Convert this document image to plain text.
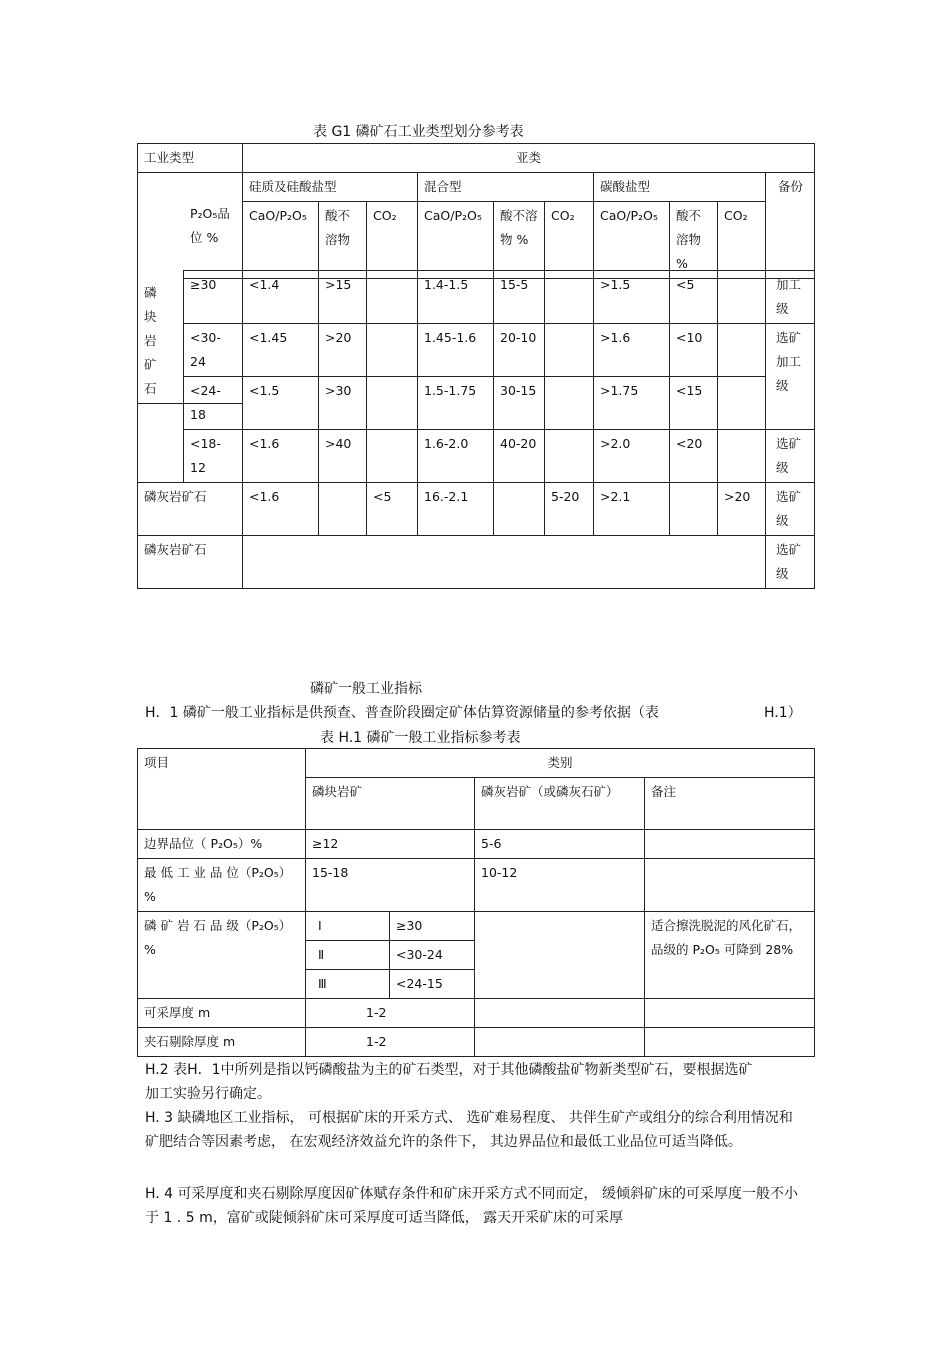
表 G1 磷矿石工业类型划分参考表
工业类型		亚类									
		硅质及硅酸盐型			混合型			碳酸盐型			备份
		CaO/P₂O₅	酸不溶物	CO₂	CaO/P₂O₅	酸不溶物 %	CO₂	CaO/P₂O₅	酸不溶物 %	CO₂	
磷块岩矿石	P₂O₅品位 %										
	≥30	<1.4	>15		1.4-1.5	15-5		>1.5	<5		加工级
	<30-24	<1.45	>20		1.45-1.6	20-10		>1.6	<10		选矿加工级
	<24-18	<1.5	>30		1.5-1.75	30-15		>1.75	<15		
	<18-12	<1.6	>40		1.6-2.0	40-20		>2.0	<20		选矿级
磷灰岩矿石		<1.6		<5	16.-2.1		5-20	>2.1		>20	选矿级
磷灰岩矿石											选矿级
磷矿一般工业指标
H．1 磷矿一般工业指标是供预查、普查阶段圈定矿体估算资源储量的参考依据（表	H.1）
表 H.1 磷矿一般工业指标参考表
项目	类别			
	磷块岩矿		磷灰岩矿（或磷灰石矿）	备注
边界品位（ P₂O₅）%	≥12		5-6	
最 低 工 业 品 位（P₂O₅）%	15-18		10-12	
磷 矿 岩 石 品 级（P₂O₅）%	Ⅰ	≥30		适合擦洗脱泥的风化矿石，品级的 P₂O₅ 可降到 28%
	Ⅱ	<30-24		
	Ⅲ	<24-15		
可采厚度 m	1-2			
夹石剔除厚度 m	1-2			
H.2 表H．1中所列是指以钙磷酸盐为主的矿石类型，对于其他磷酸盐矿物新类型矿石，要根据选矿加工实验另行确定。
H. 3 缺磷地区工业指标， 可根据矿床的开采方式、 选矿难易程度、 共伴生矿产或组分的综合利用情况和矿肥结合等因素考虑， 在宏观经济效益允许的条件下， 其边界品位和最低工业品位可适当降低。
H. 4 可采厚度和夹石剔除厚度因矿体赋存条件和矿床开采方式不同而定， 缓倾斜矿床的可采厚度一般不小于 1 . 5 m，富矿或陡倾斜矿床可采厚度可适当降低， 露天开采矿床的可采厚
